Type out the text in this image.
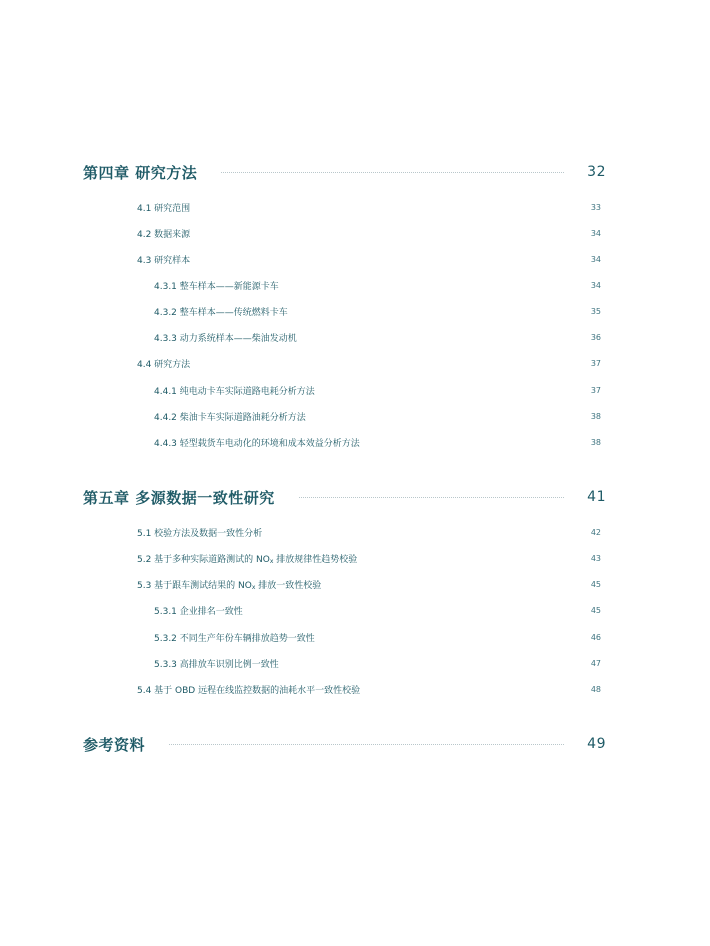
第四章 研究方法	32
4.1 研究范围	33
4.2 数据来源	34
4.3 研究样本	34
4.3.1 整车样本——新能源卡车	34
4.3.2 整车样本——传统燃料卡车	35
4.3.3 动力系统样本——柴油发动机	36
4.4 研究方法	37
4.4.1 纯电动卡车实际道路电耗分析方法	37
4.4.2 柴油卡车实际道路油耗分析方法	38
4.4.3 轻型载货车电动化的环境和成本效益分析方法	38
第五章 多源数据一致性研究	41
5.1 校验方法及数据一致性分析	42
5.2 基于多种实际道路测试的 $NO_x$ 排放规律性趋势校验	43
5.3 基于跟车测试结果的 $NO_x$ 排放一致性校验	45
5.3.1 企业排名一致性	45
5.3.2 不同生产年份车辆排放趋势一致性	46
5.3.3 高排放车识别比例一致性	47
5.4 基于 OBD 远程在线监控数据的油耗水平一致性校验	48
参考资料	49
